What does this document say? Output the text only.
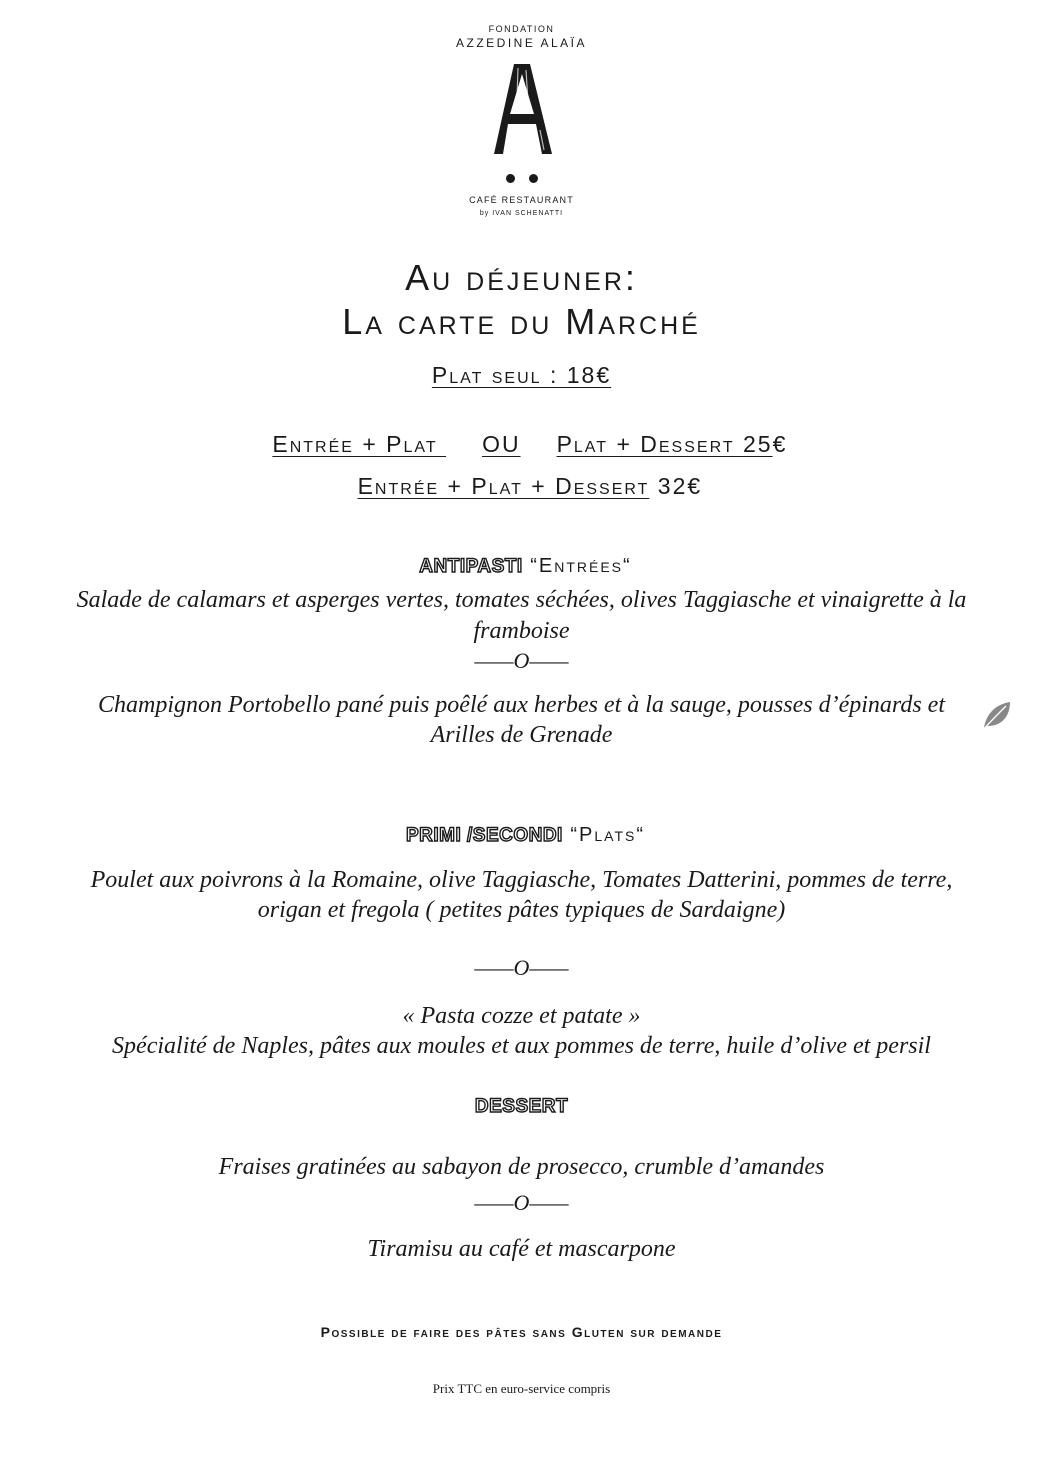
FONDATION
AZZEDINE ALAÏA
CAFÉ RESTAURANT
by IVAN SCHENATTI
Au déjeuner:
La carte du Marché
Plat seul : 18€

Entrée + Plat OU Plat + Dessert 25€

Entrée + Plat + Dessert 32€

ANTIPASTI “Entrées“

Salade de calamars et asperges vertes, tomates séchées, olives Taggiasche et vinaigrette à la
framboise
——O——
Champignon Portobello pané puis poêlé aux herbes et à la sauge, pousses d’épinards et
Arilles de Grenade

PRIMI /SECONDI “Plats“

Poulet aux poivrons à la Romaine, olive Taggiasche, Tomates Datterini, pommes de terre,
origan et fregola ( petites pâtes typiques de Sardaigne)
——O——
« Pasta cozze et patate »
Spécialité de Naples, pâtes aux moules et aux pommes de terre, huile d’olive et persil
DESSERT
Fraises gratinées au sabayon de prosecco, crumble d’amandes
——O——
Tiramisu au café et mascarpone
Possible de faire des pâtes sans Gluten sur demande
Prix TTC en euro-service compris
